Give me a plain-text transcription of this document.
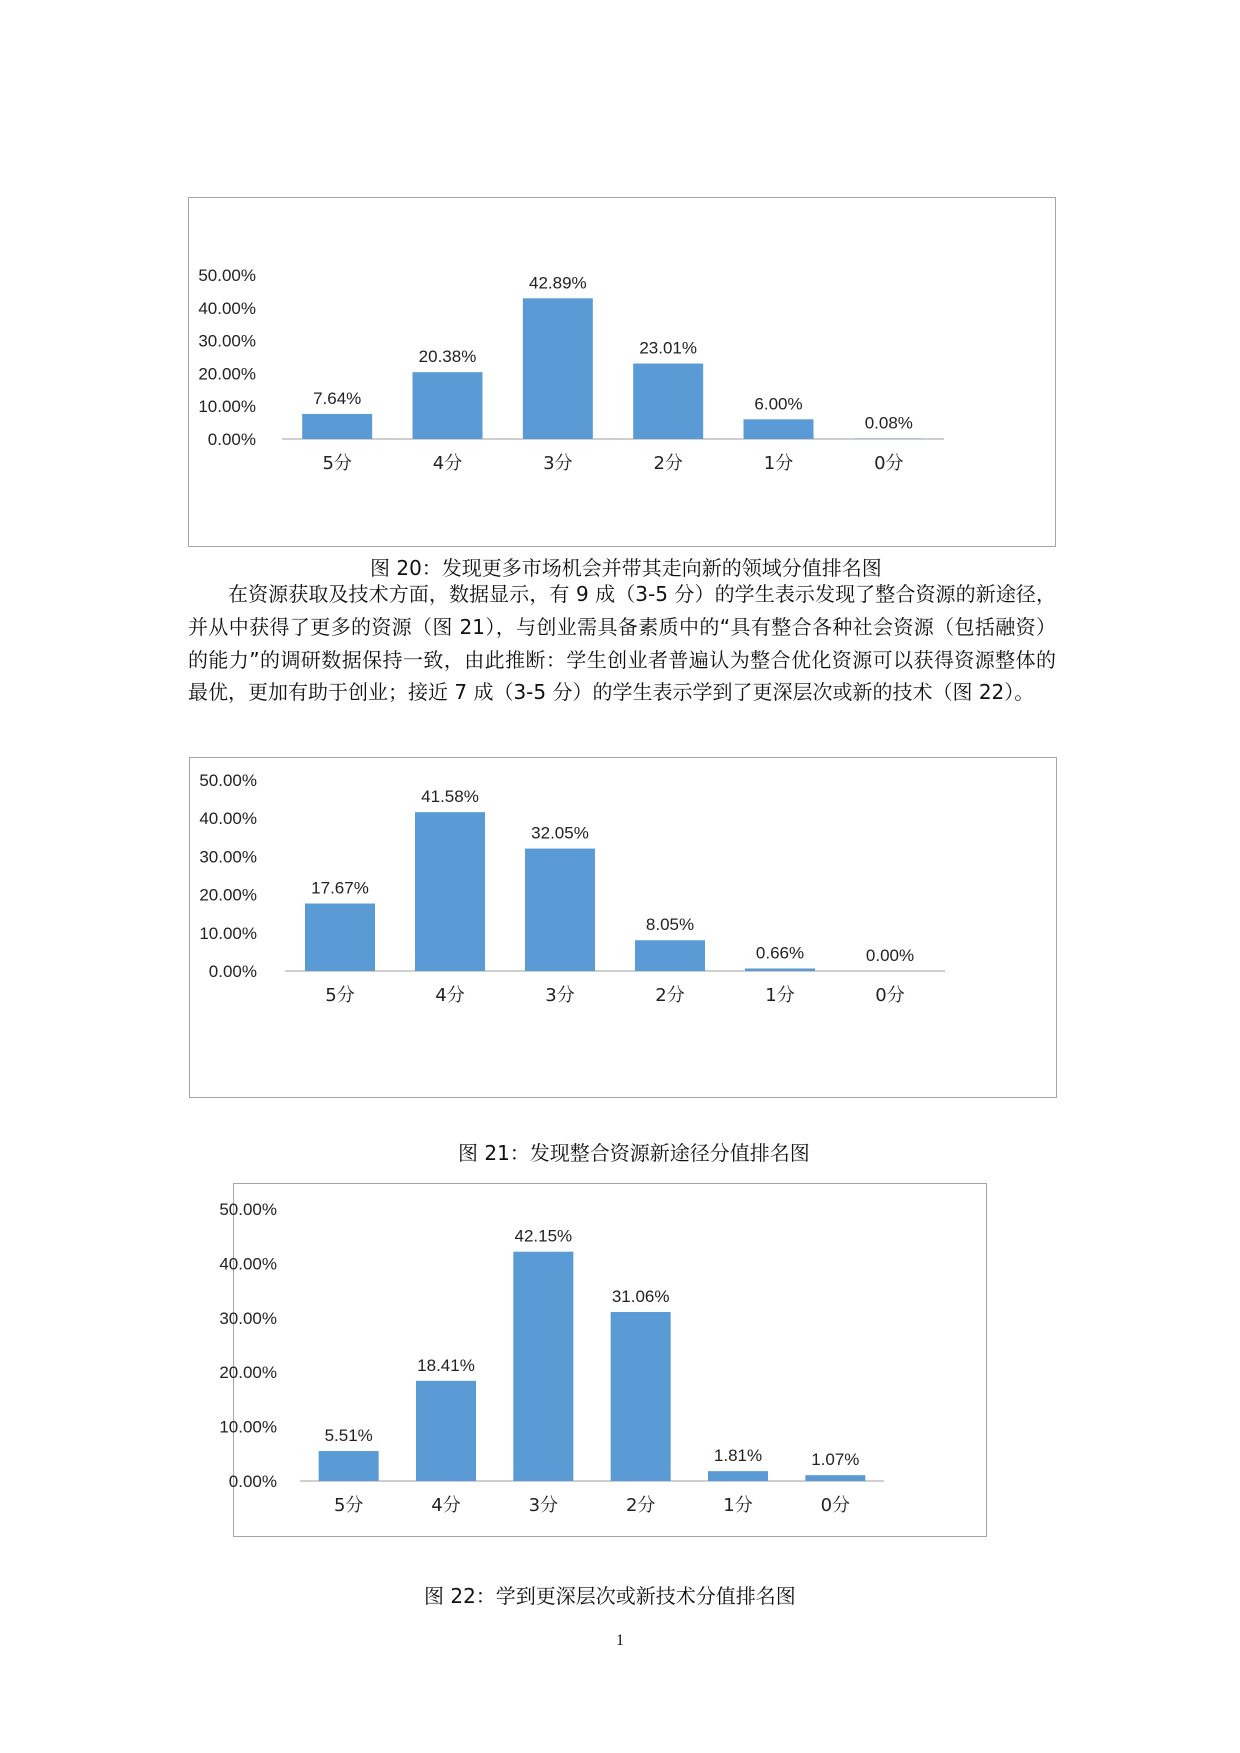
0.00%
10.00%
20.00%
30.00%
40.00%
50.00%
7.64%
5分
20.38%
4分
42.89%
3分
23.01%
2分
6.00%
1分
0.08%
0分
图 20：发现更多市场机会并带其走向新的领域分值排名图

在资源获取及技术方面，数据显示，有 9 成（3-5 分）的学生表示发现了整合资源的新途径，并从中获得了更多的资源（图 21），与创业需具备素质中的“具有整合各种社会资源（包括融资）的能力”的调研数据保持一致，由此推断：学生创业者普遍认为整合优化资源可以获得资源整体的最优，更加有助于创业；接近 7 成（3-5 分）的学生表示学到了更深层次或新的技术（图 22）。

0.00%
10.00%
20.00%
30.00%
40.00%
50.00%
17.67%
5分
41.58%
4分
32.05%
3分
8.05%
2分
0.66%
1分
0.00%
0分
图 21：发现整合资源新途径分值排名图
0.00%
10.00%
20.00%
30.00%
40.00%
50.00%
5.51%
5分
18.41%
4分
42.15%
3分
31.06%
2分
1.81%
1分
1.07%
0分
图 22：学到更深层次或新技术分值排名图
1
